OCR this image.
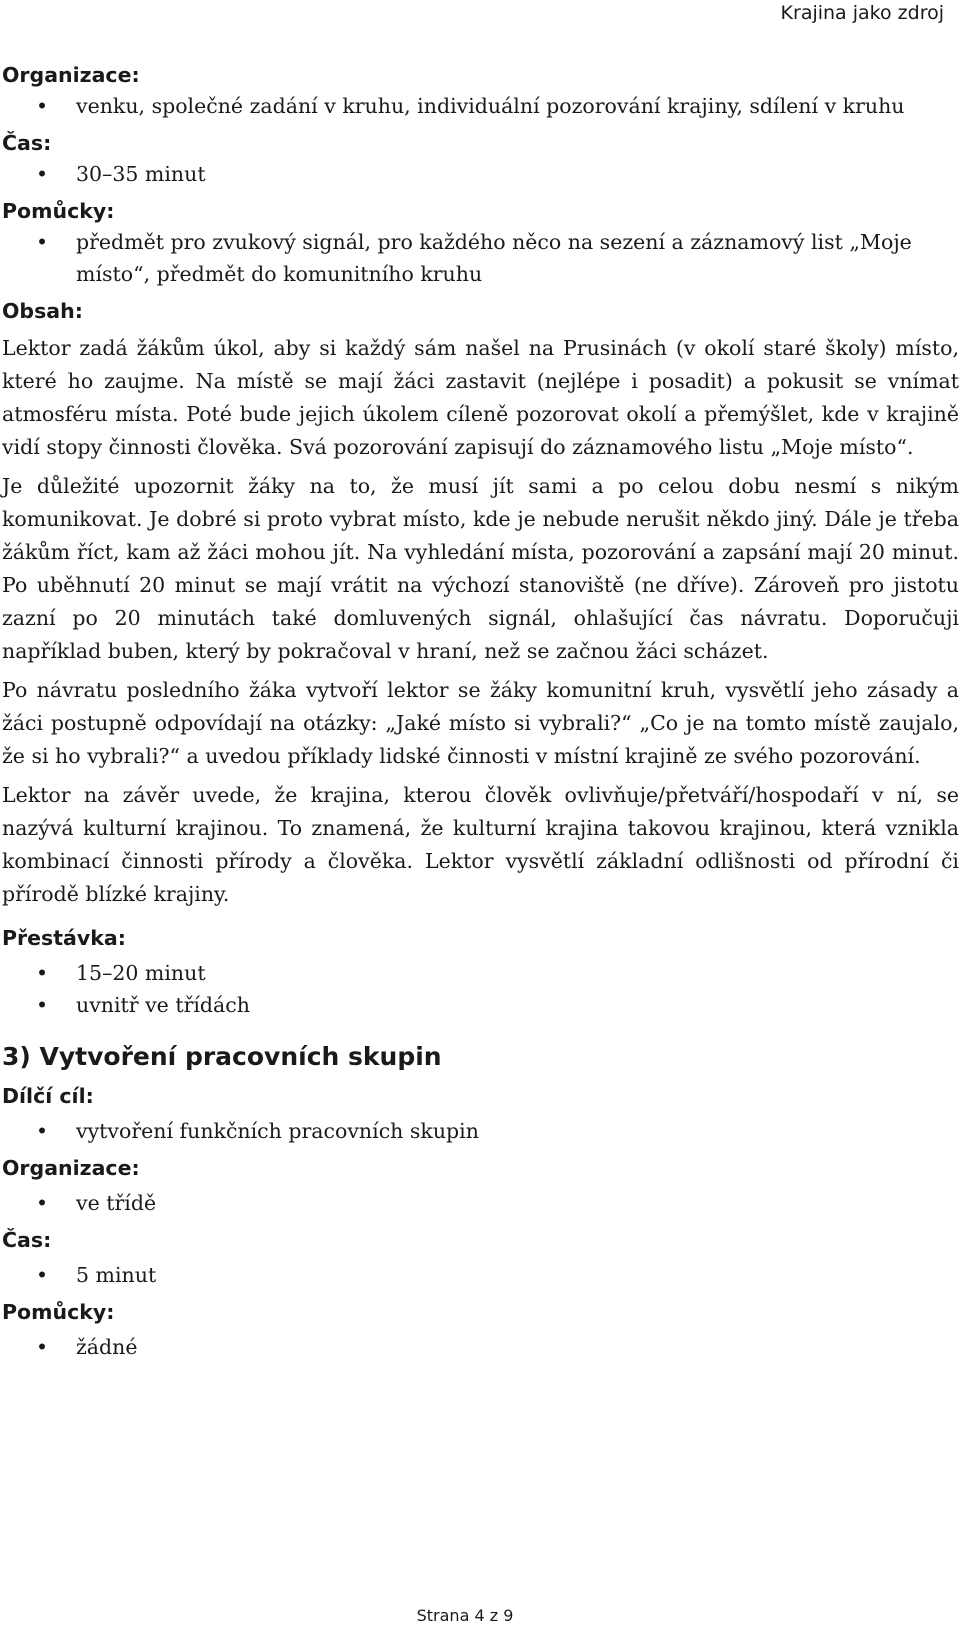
Krajina jako zdroj
Organizace:
• venku, společné zadání v kruhu, individuální pozorování krajiny, sdílení v kruhu
Čas:
• 30–35 minut
Pomůcky:
• předmět pro zvukový signál, pro každého něco na sezení a záznamový list „Moje místo“, předmět do komunitního kruhu
Obsah:

Lektor zadá žákům úkol, aby si každý sám našel na Prusinách (v okolí staré školy) místo, které ho zaujme. Na místě se mají žáci zastavit (nejlépe i posadit) a pokusit se vnímat atmosféru místa. Poté bude jejich úkolem cíleně pozorovat okolí a přemýšlet, kde v krajině vidí stopy činnosti člověka. Svá pozorování zapisují do záznamového listu „Moje místo“.

Je důležité upozornit žáky na to, že musí jít sami a po celou dobu nesmí s nikým komunikovat. Je dobré si proto vybrat místo, kde je nebude nerušit někdo jiný. Dále je třeba žákům říct, kam až žáci mohou jít. Na vyhledání místa, pozorování a zapsání mají 20 minut. Po uběhnutí 20 minut se mají vrátit na výchozí stanoviště (ne dříve). Zároveň pro jistotu zazní po 20 minutách také domluvených signál, ohlašující čas návratu. Doporučuji například buben, který by pokračoval v hraní, než se začnou žáci scházet.

Po návratu posledního žáka vytvoří lektor se žáky komunitní kruh, vysvětlí jeho zásady a žáci postupně odpovídají na otázky: „Jaké místo si vybrali?“ „Co je na tomto místě zaujalo, že si ho vybrali?“ a uvedou příklady lidské činnosti v místní krajině ze svého pozorování.

Lektor na závěr uvede, že krajina, kterou člověk ovlivňuje/přetváří/hospodaří v ní, se nazývá kulturní krajinou. To znamená, že kulturní krajina takovou krajinou, která vznikla kombinací činnosti přírody a člověka. Lektor vysvětlí základní odlišnosti od přírodní či přírodě blízké krajiny.

Přestávka:
• 15–20 minut
• uvnitř ve třídách
3) Vytvoření pracovních skupin
Dílčí cíl:
• vytvoření funkčních pracovních skupin
Organizace:
• ve třídě
Čas:
• 5 minut
Pomůcky:
• žádné
Strana 4 z 9
